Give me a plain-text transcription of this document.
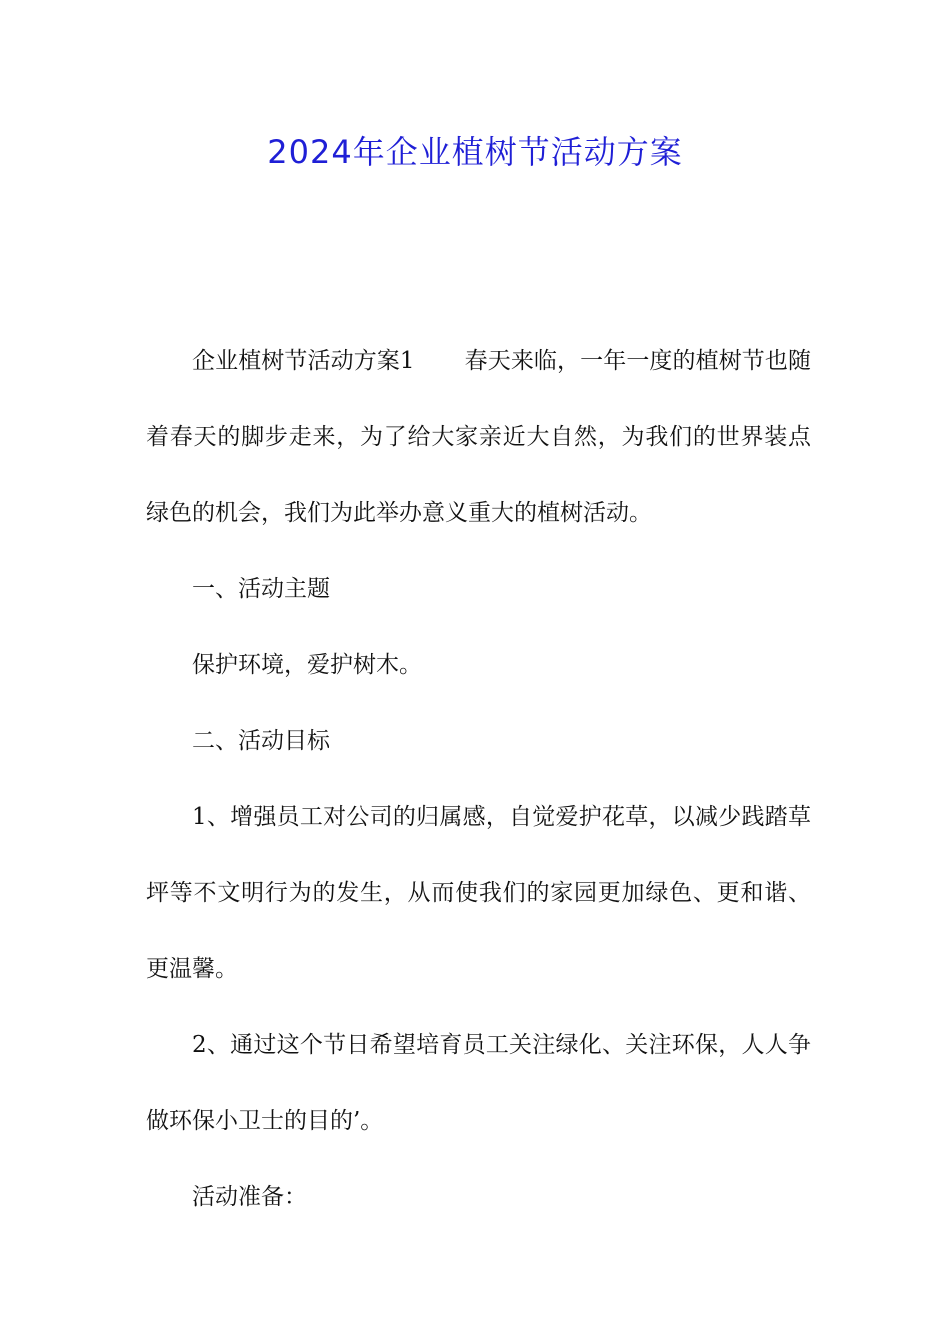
2024年企业植树节活动方案

企业植树节活动方案1 春天来临，一年一度的植树节也随着春天的脚步走来，为了给大家亲近大自然，为我们的世界装点绿色的机会，我们为此举办意义重大的植树活动。

一、活动主题

保护环境，爱护树木。

二、活动目标

1、增强员工对公司的归属感，自觉爱护花草，以减少践踏草坪等不文明行为的发生，从而使我们的家园更加绿色、更和谐、更温馨。

2、通过这个节日希望培育员工关注绿化、关注环保，人人争做环保小卫士的目的’。

活动准备：
